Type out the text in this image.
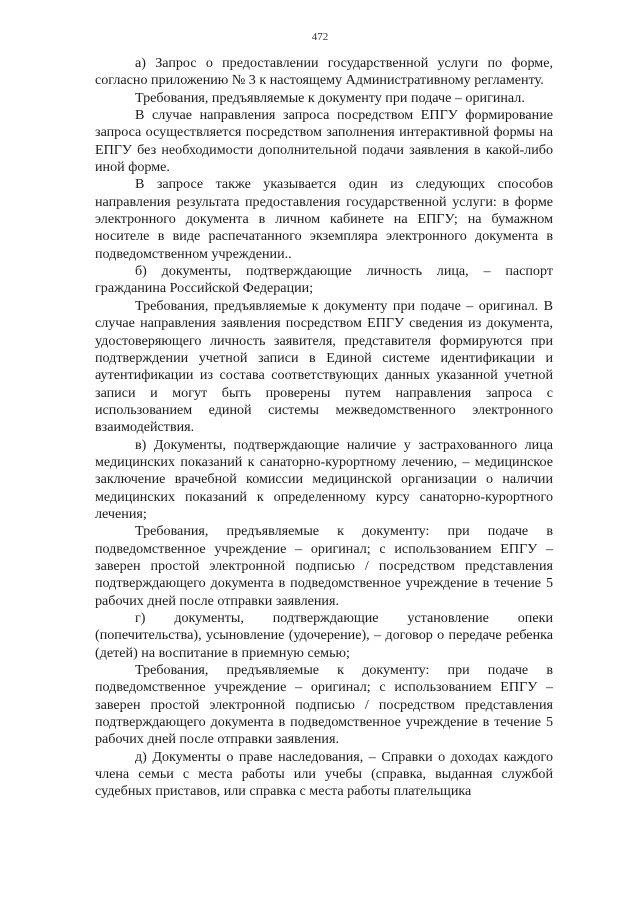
472

а) Запрос о предоставлении государственной услуги по форме, согласно приложению № 3 к настоящему Административному регламенту.

Требования, предъявляемые к документу при подаче – оригинал.

В случае направления запроса посредством ЕПГУ формирование запроса осуществляется посредством заполнения интерактивной формы на ЕПГУ без необходимости дополнительной подачи заявления в какой-либо иной форме.

В запросе также указывается один из следующих способов направления результата предоставления государственной услуги: в форме электронного документа в личном кабинете на ЕПГУ; на бумажном носителе в виде распечатанного экземпляра электронного документа в подведомственном учреждении..

б) документы, подтверждающие личность лица, – паспорт гражданина Российской Федерации;

Требования, предъявляемые к документу при подаче – оригинал. В случае направления заявления посредством ЕПГУ сведения из документа, удостоверяющего личность заявителя, представителя формируются при подтверждении учетной записи в Единой системе идентификации и аутентификации из состава соответствующих данных указанной учетной записи и могут быть проверены путем направления запроса с использованием единой системы межведомственного электронного взаимодействия.

в) Документы, подтверждающие наличие у застрахованного лица медицинских показаний к санаторно-курортному лечению, – медицинское заключение врачебной комиссии медицинской организации о наличии медицинских показаний к определенному курсу санаторно-курортного лечения;

Требования, предъявляемые к документу: при подаче в подведомственное учреждение – оригинал; с использованием ЕПГУ – заверен простой электронной подписью / посредством представления подтверждающего документа в подведомственное учреждение в течение 5 рабочих дней после отправки заявления.

г) документы, подтверждающие установление опеки (попечительства), усыновление (удочерение), – договор о передаче ребенка (детей) на воспитание в приемную семью;

Требования, предъявляемые к документу: при подаче в подведомственное учреждение – оригинал; с использованием ЕПГУ – заверен простой электронной подписью / посредством представления подтверждающего документа в подведомственное учреждение в течение 5 рабочих дней после отправки заявления.

д) Документы о праве наследования, – Справки о доходах каждого члена семьи с места работы или учебы (справка, выданная службой судебных приставов, или справка с места работы плательщика
